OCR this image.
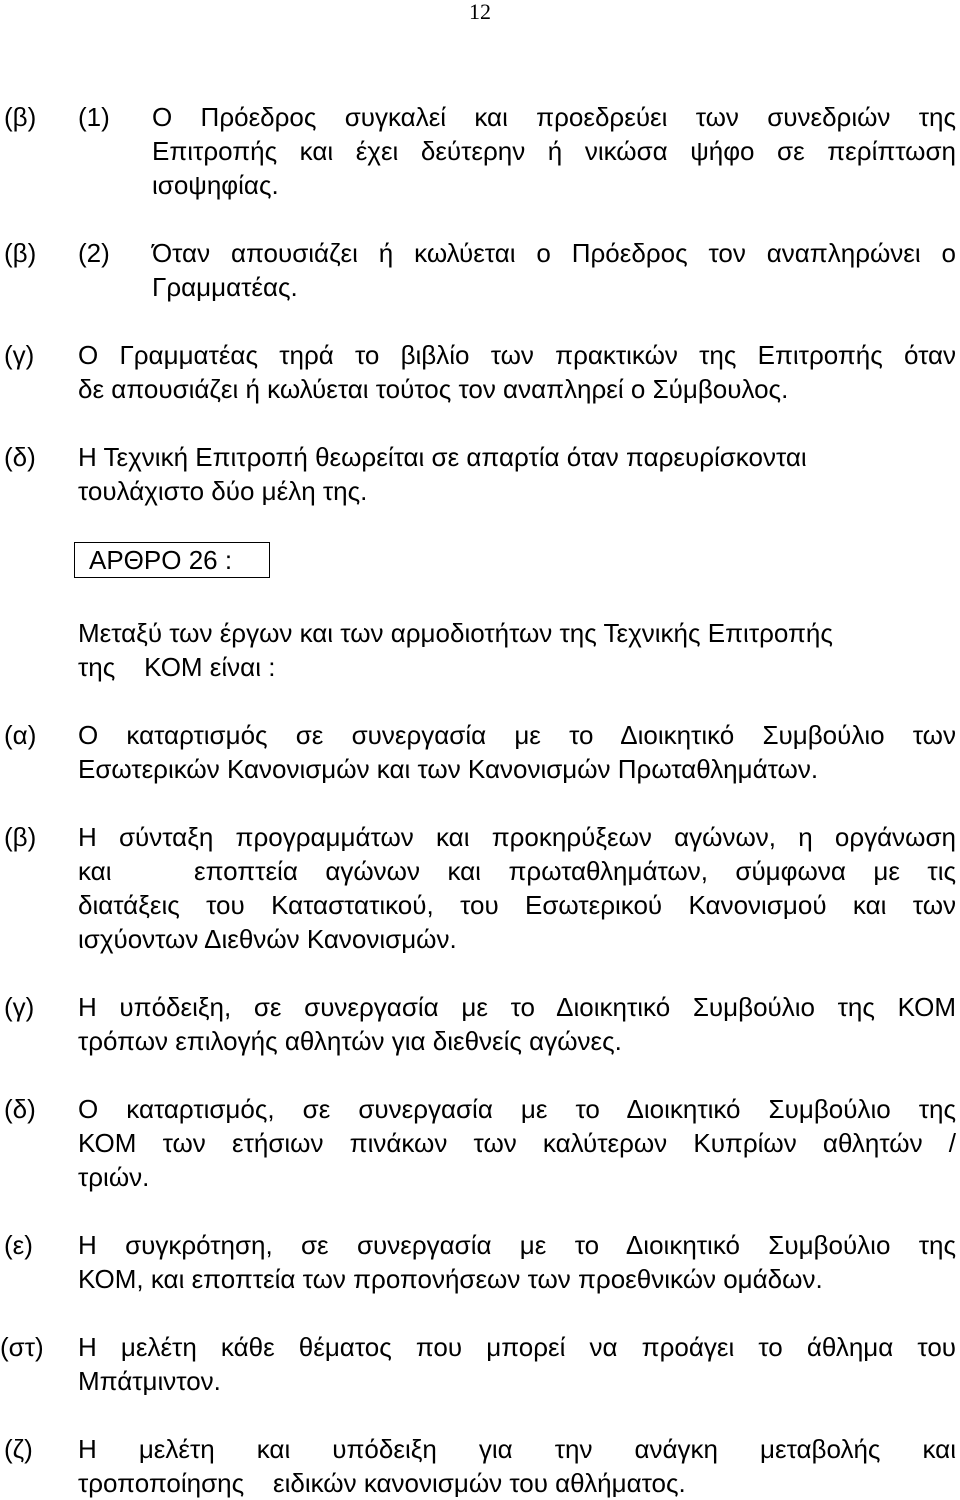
12
(β) (1) Ο Πρόεδρος συγκαλεί και προεδρεύει των συνεδριών της
Επιτροπής και έχει δεύτερην ή νικώσα ψήφο σε περίπτωση
ισοψηφίας.
(β) (2) Όταν απουσιάζει ή κωλύεται ο Πρόεδρος τον αναπληρώνει ο
Γραμματέας.
(γ) Ο Γραμματέας τηρά το βιβλίο των πρακτικών της Επιτροπής όταν
δε απουσιάζει ή κωλύεται τούτος τον αναπληρεί ο Σύμβουλος.
(δ) Η Τεχνική Επιτροπή θεωρείται σε απαρτία όταν παρευρίσκονται
τουλάχιστο δύο μέλη της.
ΑΡΘΡΟ 26 :
Μεταξύ των έργων και των αρμοδιοτήτων της Τεχνικής Επιτροπής
της    ΚΟΜ είναι :
(α) Ο καταρτισμός σε συνεργασία με το Διοικητικό Συμβούλιο των
Εσωτερικών Κανονισμών και των Κανονισμών Πρωταθλημάτων.
(β) Η σύνταξη προγραμμάτων και προκηρύξεων αγώνων, η οργάνωση
και   εποπτεία αγώνων και πρωταθλημάτων, σύμφωνα με τις
διατάξεις του Καταστατικού, του Εσωτερικού Κανονισμού και των
ισχύοντων Διεθνών Κανονισμών.
(γ) Η υπόδειξη, σε συνεργασία με το Διοικητικό Συμβούλιο της ΚΟΜ
τρόπων επιλογής αθλητών για διεθνείς αγώνες.
(δ) Ο καταρτισμός, σε συνεργασία με το Διοικητικό Συμβούλιο της
ΚΟΜ των ετήσιων πινάκων των καλύτερων Κυπρίων αθλητών /
τριών.
(ε) Η συγκρότηση, σε συνεργασία με το Διοικητικό Συμβούλιο της
ΚΟΜ, και εποπτεία των προπονήσεων των προεθνικών ομάδων.
(στ) Η μελέτη κάθε θέματος που μπορεί να προάγει το άθλημα του
Μπάτμιντον.
(ζ) Η   μελέτη   και   υπόδειξη   για   την   ανάγκη   μεταβολής   και
τροποποίησης    ειδικών κανονισμών του αθλήματος.
